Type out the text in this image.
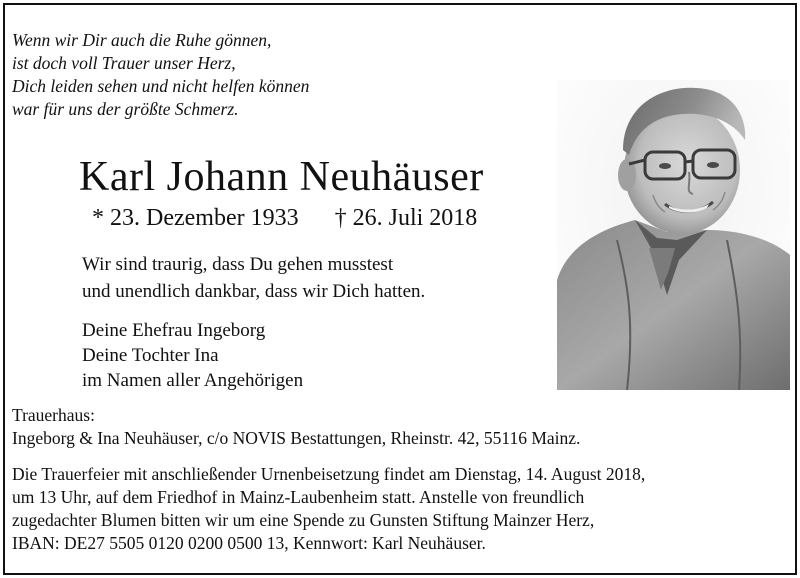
Wenn wir Dir auch die Ruhe gönnen,
ist doch voll Trauer unser Herz,
Dich leiden sehen und nicht helfen können
war für uns der größte Schmerz.
Karl Johann Neuhäuser
* 23. Dezember 1933 † 26. Juli 2018
Wir sind traurig, dass Du gehen musstest
und unendlich dankbar, dass wir Dich hatten.
Deine Ehefrau Ingeborg
Deine Tochter Ina
im Namen aller Angehörigen
Trauerhaus:
Ingeborg & Ina Neuhäuser, c/o NOVIS Bestattungen, Rheinstr. 42, 55116 Mainz.
Die Trauerfeier mit anschließender Urnenbeisetzung findet am Dienstag, 14. August 2018,
um 13 Uhr, auf dem Friedhof in Mainz-Laubenheim statt. Anstelle von freundlich
zugedachter Blumen bitten wir um eine Spende zu Gunsten Stiftung Mainzer Herz,
IBAN: DE27 5505 0120 0200 0500 13, Kennwort: Karl Neuhäuser.
